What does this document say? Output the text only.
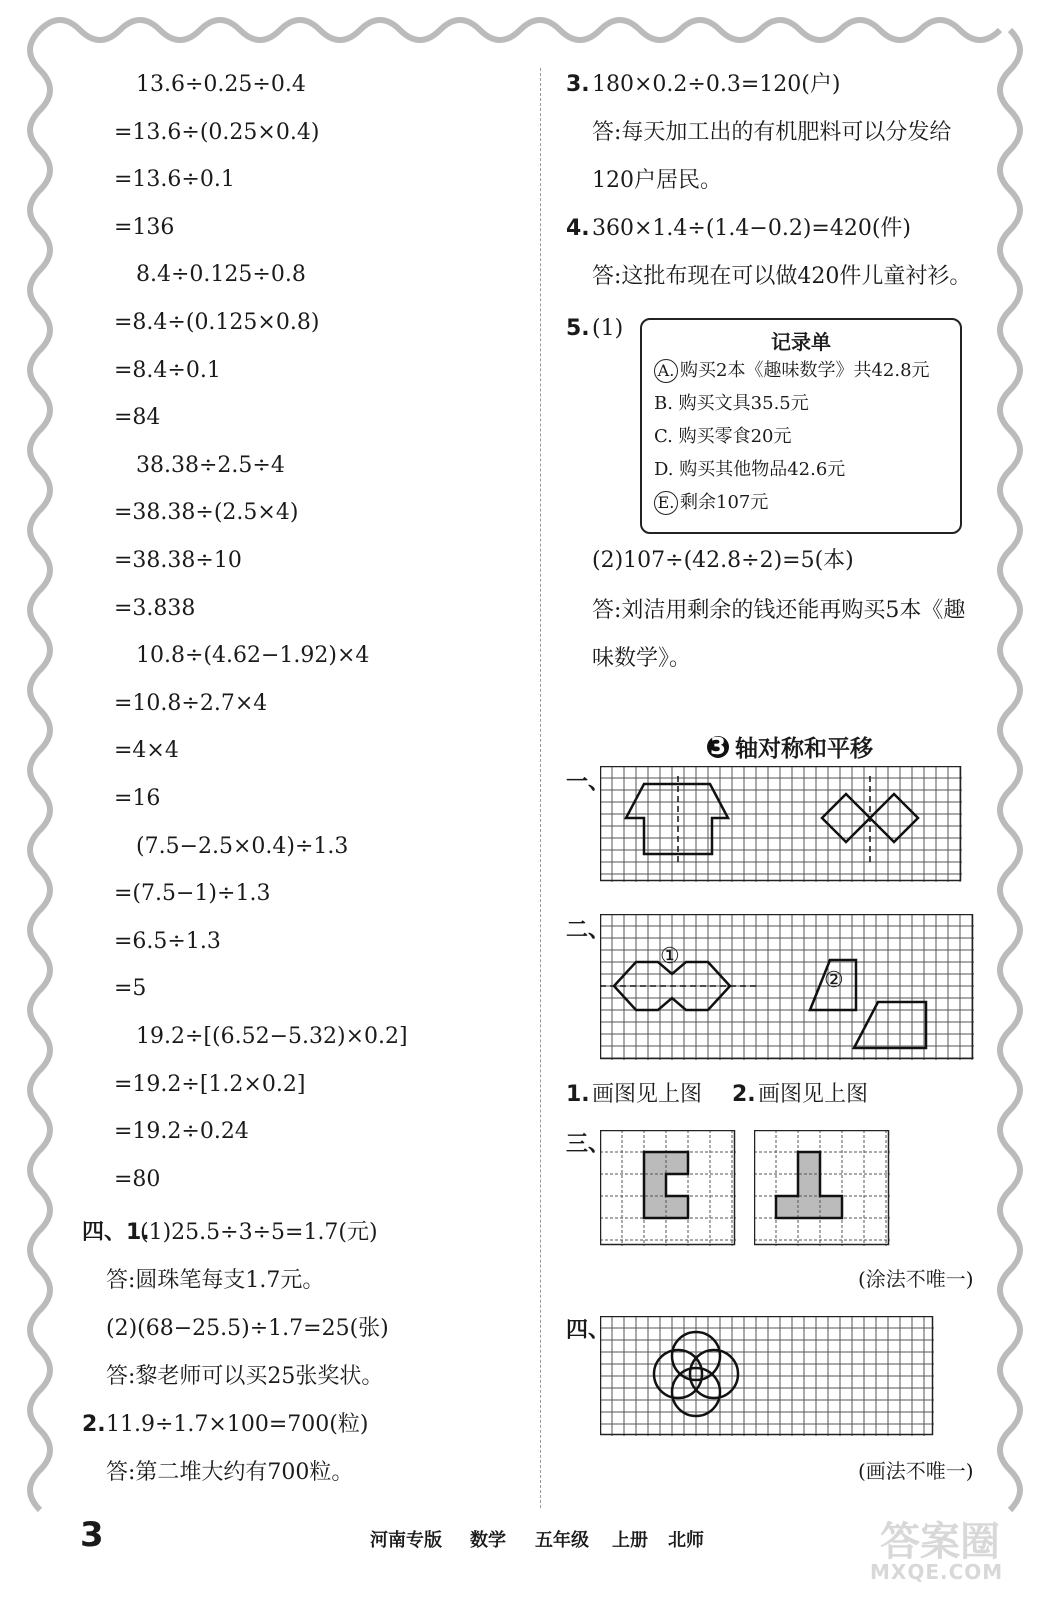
13.6÷0.25÷0.4
=13.6÷(0.25×0.4)
=13.6÷0.1
=136
8.4÷0.125÷0.8
=8.4÷(0.125×0.8)
=8.4÷0.1
=84
38.38÷2.5÷4
=38.38÷(2.5×4)
=38.38÷10
=3.838
10.8÷(4.62−1.92)×4
=10.8÷2.7×4
=4×4
=16
(7.5−2.5×0.4)÷1.3
=(7.5−1)÷1.3
=6.5÷1.3
=5
19.2÷[(6.52−5.32)×0.2]
=19.2÷[1.2×0.2]
=19.2÷0.24
=80
四、1.
(1)25.5÷3÷5=1.7(元)
答:圆珠笔每支1.7元。
(2)(68−25.5)÷1.7=25(张)
答:黎老师可以买25张奖状。
2. 11.9÷1.7×100=700(粒)
答:第二堆大约有700粒。
3. 180×0.2÷0.3=120(户)
答:每天加工出的有机肥料可以分发给
120户居民。
4. 360×1.4÷(1.4−0.2)=420(件)
答:这批布现在可以做420件儿童衬衫。
5. (1)
记录单
A. 购买2本《趣味数学》共42.8元
B. 购买文具35.5元
C. 购买零食20元
D. 购买其他物品42.6元
E. 剩余107元
(2)107÷(42.8÷2)=5(本)
答:刘洁用剩余的钱还能再购买5本《趣
味数学》。
3 轴对称和平移
一、
二、
①
②
1. 画图见上图 2. 画图见上图
三、
(涂法不唯一)
四、
(画法不唯一)
3	河南专版 数学 五年级 上册 北师	答案圈
MXQE.COM
